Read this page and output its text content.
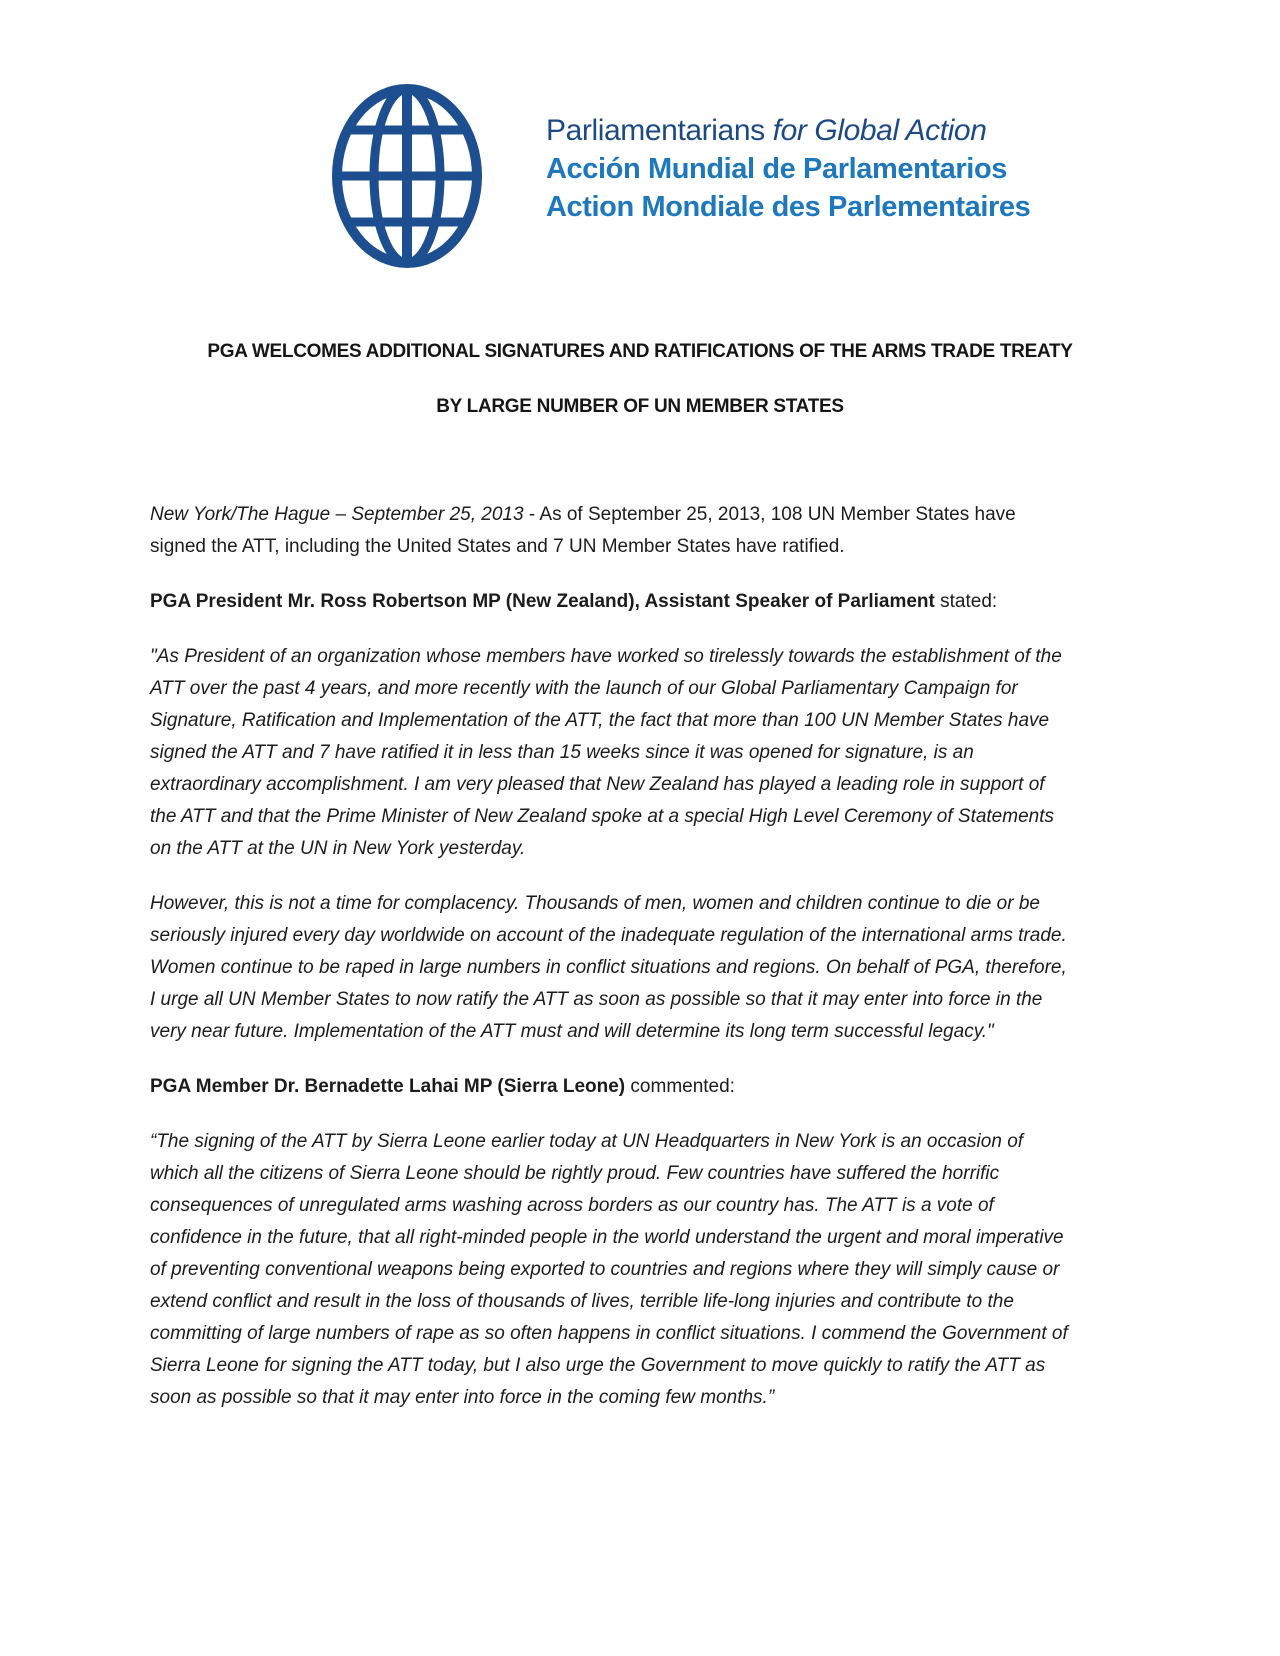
Parliamentarians for Global Action
Acción Mundial de Parlamentarios
Action Mondiale des Parlementaires

PGA WELCOMES ADDITIONAL SIGNATURES AND RATIFICATIONS OF THE ARMS TRADE TREATY

BY LARGE NUMBER OF UN MEMBER STATES

New York/The Hague – September 25, 2013 - As of September 25, 2013, 108 UN Member States have signed the ATT, including the United States and 7 UN Member States have ratified.

PGA President Mr. Ross Robertson MP (New Zealand), Assistant Speaker of Parliament stated:

"As President of an organization whose members have worked so tirelessly towards the establishment of the ATT over the past 4 years, and more recently with the launch of our Global Parliamentary Campaign for Signature, Ratification and Implementation of the ATT, the fact that more than 100 UN Member States have signed the ATT and 7 have ratified it in less than 15 weeks since it was opened for signature, is an extraordinary accomplishment. I am very pleased that New Zealand has played a leading role in support of the ATT and that the Prime Minister of New Zealand spoke at a special High Level Ceremony of Statements on the ATT at the UN in New York yesterday.

However, this is not a time for complacency. Thousands of men, women and children continue to die or be seriously injured every day worldwide on account of the inadequate regulation of the international arms trade. Women continue to be raped in large numbers in conflict situations and regions. On behalf of PGA, therefore, I urge all UN Member States to now ratify the ATT as soon as possible so that it may enter into force in the very near future. Implementation of the ATT must and will determine its long term successful legacy."

PGA Member Dr. Bernadette Lahai MP (Sierra Leone) commented:

“The signing of the ATT by Sierra Leone earlier today at UN Headquarters in New York is an occasion of which all the citizens of Sierra Leone should be rightly proud. Few countries have suffered the horrific consequences of unregulated arms washing across borders as our country has. The ATT is a vote of confidence in the future, that all right-minded people in the world understand the urgent and moral imperative of preventing conventional weapons being exported to countries and regions where they will simply cause or extend conflict and result in the loss of thousands of lives, terrible life-long injuries and contribute to the committing of large numbers of rape as so often happens in conflict situations. I commend the Government of Sierra Leone for signing the ATT today, but I also urge the Government to move quickly to ratify the ATT as soon as possible so that it may enter into force in the coming few months.”
